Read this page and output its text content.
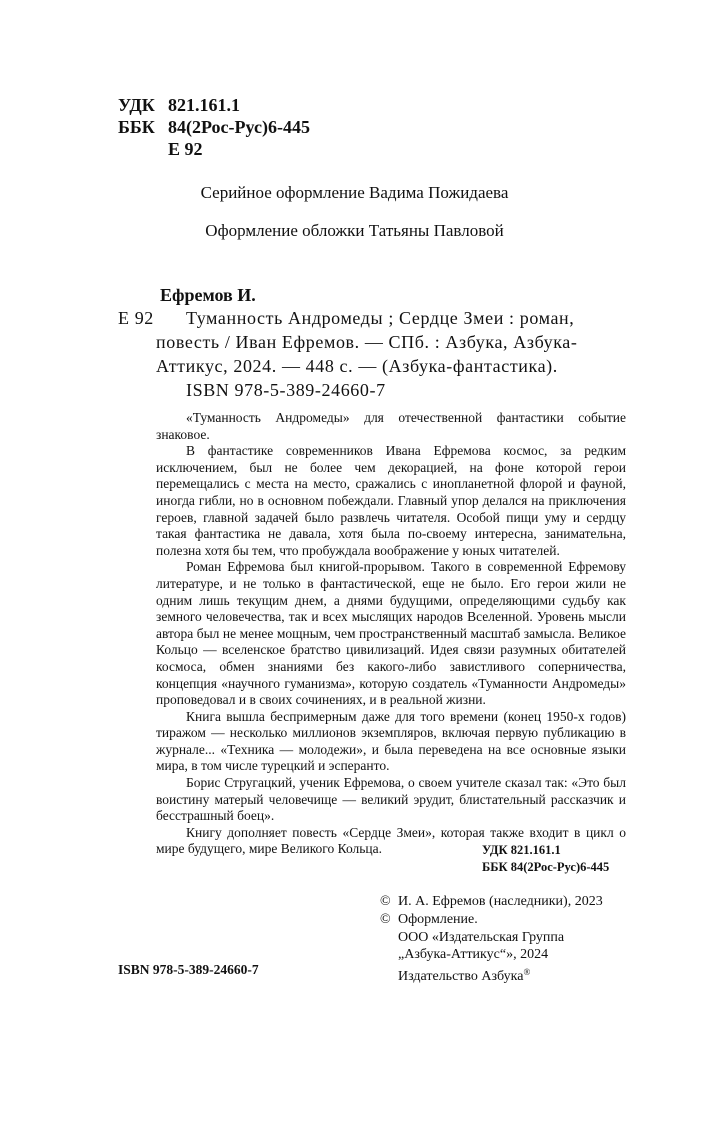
УДК 821.161.1
ББК 84(2Рос-Рус)6-445
Е 92
Серийное оформление Вадима Пожидаева
Оформление обложки Татьяны Павловой
Ефремов И.
Е 92 Туманность Андромеды ; Сердце Змеи : роман,
повесть / Иван Ефремов. — СПб. : Азбука, Азбука-
Аттикус, 2024. — 448 с. — (Азбука-фантастика).
ISBN 978-5-389-24660-7

«Туманность Андромеды» для отечественной фантастики событие знаковое.

В фантастике современников Ивана Ефремова космос, за редким исключением, был не более чем декорацией, на фоне которой герои перемещались с места на место, сражались с инопланетной флорой и фауной, иногда гибли, но в основном побеждали. Главный упор делался на приключения героев, главной задачей было развлечь читателя. Особой пищи уму и сердцу такая фантастика не давала, хотя была по-своему интересна, занимательна, полезна хотя бы тем, что пробуждала воображение у юных читателей.

Роман Ефремова был книгой-прорывом. Такого в современной Ефремову литературе, и не только в фантастической, еще не было. Его герои жили не одним лишь текущим днем, а днями будущими, определяющими судьбу как земного человечества, так и всех мыслящих народов Вселенной. Уровень мысли автора был не менее мощным, чем пространственный масштаб замысла. Великое Кольцо — вселенское братство цивилизаций. Идея связи разумных обитателей космоса, обмен знаниями без какого-либо завистливого соперничества, концепция «научного гуманизма», которую создатель «Туманности Андромеды» проповедовал и в своих сочинениях, и в реальной жизни.

Книга вышла беспримерным даже для того времени (конец 1950-х годов) тиражом — несколько миллионов экземпляров, включая первую публикацию в журнале... «Техника — молодежи», и была переведена на все основные языки мира, в том числе турецкий и эсперанто.

Борис Стругацкий, ученик Ефремова, о своем учителе сказал так: «Это был воистину матерый человечище — великий эрудит, блистательный рассказчик и бесстрашный боец».

Книгу дополняет повесть «Сердце Змеи», которая также входит в цикл о мире будущего, мире Великого Кольца.	УДК 821.161.1
ББК 84(2Рос-Рус)6-445
© И. А. Ефремов (наследники), 2023
© Оформление.
ООО «Издательская Группа
„Азбука-Аттикус“», 2024
Издательство Азбука®
ISBN 978-5-389-24660-7
